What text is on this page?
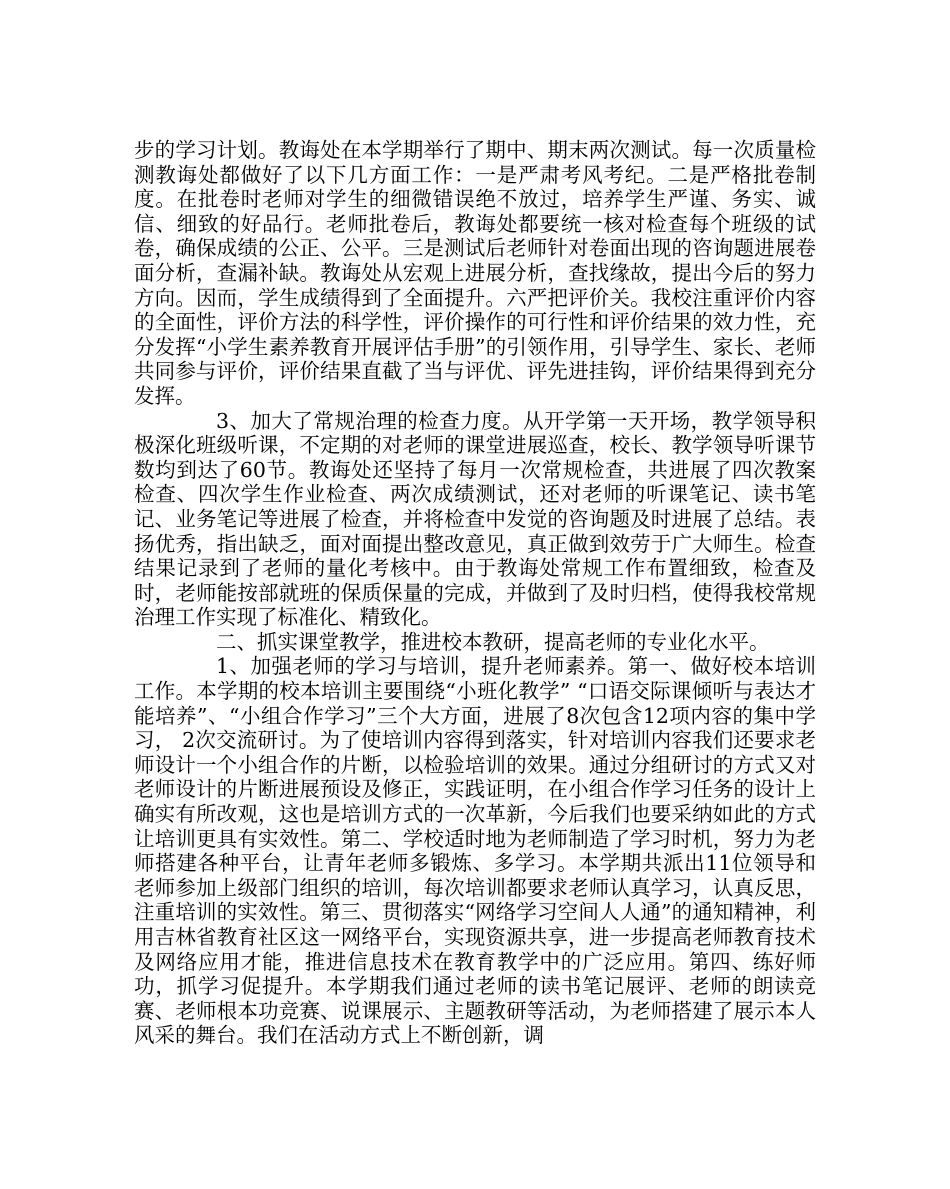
步的学习计划。教诲处在本学期举行了期中、期末两次测试。每一次质量检测教诲处都做好了以下几方面工作：一是严肃考风考纪。二是严格批卷制度。在批卷时老师对学生的细微错误绝不放过，培养学生严谨、务实、诚信、细致的好品行。老师批卷后，教诲处都要统一核对检查每个班级的试卷，确保成绩的公正、公平。三是测试后老师针对卷面出现的咨询题进展卷面分析，查漏补缺。教诲处从宏观上进展分析，查找缘故，提出今后的努力方向。因而，学生成绩得到了全面提升。六严把评价关。我校注重评价内容的全面性，评价方法的科学性，评价操作的可行性和评价结果的效力性，充分发挥“小学生素养教育开展评估手册”的引领作用，引导学生、家长、老师共同参与评价，评价结果直截了当与评优、评先进挂钩，评价结果得到充分发挥。

3、加大了常规治理的检查力度。从开学第一天开场，教学领导积极深化班级听课，不定期的对老师的课堂进展巡查，校长、教学领导听课节数均到达了60节。教诲处还坚持了每月一次常规检查，共进展了四次教案检查、四次学生作业检查、两次成绩测试，还对老师的听课笔记、读书笔记、业务笔记等进展了检查，并将检查中发觉的咨询题及时进展了总结。表扬优秀，指出缺乏，面对面提出整改意见，真正做到效劳于广大师生。检查结果记录到了老师的量化考核中。由于教诲处常规工作布置细致，检查及时，老师能按部就班的保质保量的完成，并做到了及时归档，使得我校常规治理工作实现了标准化、精致化。

二、抓实课堂教学，推进校本教研，提高老师的专业化水平。

1、加强老师的学习与培训，提升老师素养。第一、做好校本培训工作。本学期的校本培训主要围绕“小班化教学” “口语交际课倾听与表达才能培养”、“小组合作学习”三个大方面，进展了8次包含12项内容的集中学习， 2次交流研讨。为了使培训内容得到落实，针对培训内容我们还要求老师设计一个小组合作的片断，以检验培训的效果。通过分组研讨的方式又对老师设计的片断进展预设及修正，实践证明，在小组合作学习任务的设计上确实有所改观，这也是培训方式的一次革新，今后我们也要采纳如此的方式让培训更具有实效性。第二、学校适时地为老师制造了学习时机，努力为老师搭建各种平台，让青年老师多锻炼、多学习。本学期共派出11位领导和老师参加上级部门组织的培训，每次培训都要求老师认真学习，认真反思，注重培训的实效性。第三、贯彻落实“网络学习空间人人通”的通知精神，利用吉林省教育社区这一网络平台，实现资源共享，进一步提高老师教育技术及网络应用才能，推进信息技术在教育教学中的广泛应用。第四、练好师功，抓学习促提升。本学期我们通过老师的读书笔记展评、老师的朗读竞赛、老师根本功竞赛、说课展示、主题教研等活动，为老师搭建了展示本人风采的舞台。我们在活动方式上不断创新，调
